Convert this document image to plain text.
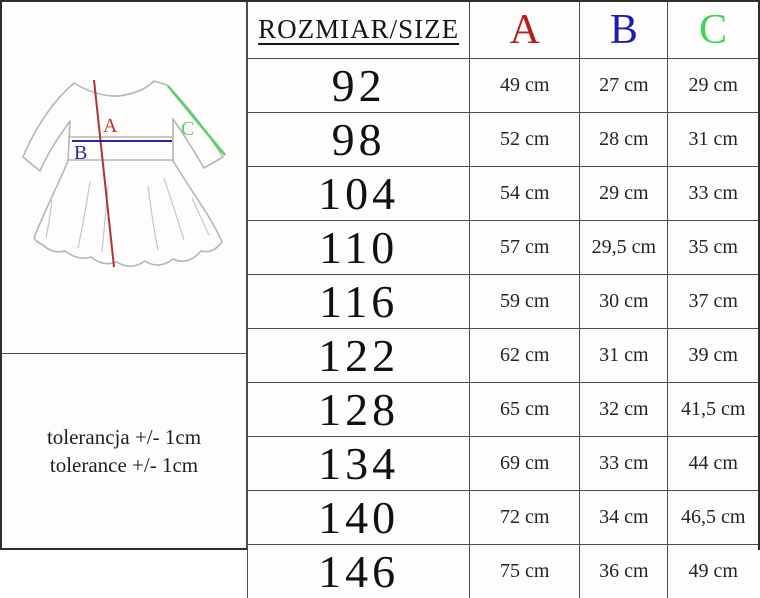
A
B
C
tolerancja +/- 1cm
tolerance +/- 1cm
ROZMIAR/SIZE	A	B	C
92	49 cm	27 cm	29 cm
98	52 cm	28 cm	31 cm
104	54 cm	29 cm	33 cm
110	57 cm	29,5 cm	35 cm
116	59 cm	30 cm	37 cm
122	62 cm	31 cm	39 cm
128	65 cm	32 cm	41,5 cm
134	69 cm	33 cm	44 cm
140	72 cm	34 cm	46,5 cm
146	75 cm	36 cm	49 cm
